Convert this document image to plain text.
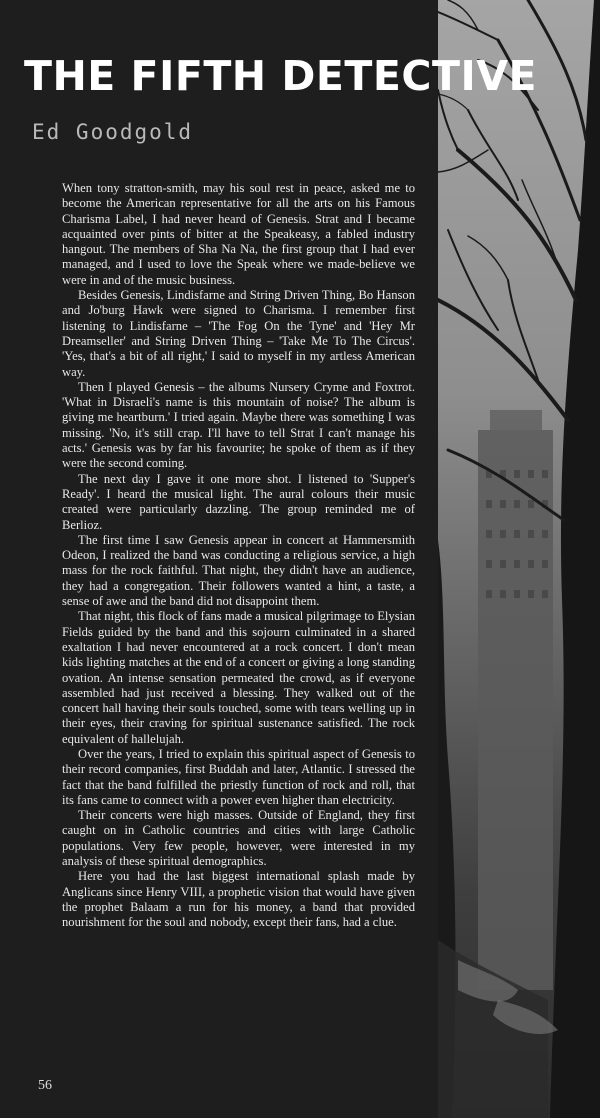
THE FIFTH DETECTIVE
Ed Goodgold

When tony stratton-smith, may his soul rest in peace, asked me to become the American representative for all the arts on his Famous Charisma Label, I had never heard of Genesis. Strat and I became acquainted over pints of bitter at the Speakeasy, a fabled industry hangout. The members of Sha Na Na, the first group that I had ever managed, and I used to love the Speak where we made-believe we were in and of the music business.

Besides Genesis, Lindisfarne and String Driven Thing, Bo Hanson and Jo'burg Hawk were signed to Charisma. I remember first listening to Lindisfarne – 'The Fog On the Tyne' and 'Hey Mr Dreamseller' and String Driven Thing – 'Take Me To The Circus'. 'Yes, that's a bit of all right,' I said to myself in my artless American way.

Then I played Genesis – the albums Nursery Cryme and Foxtrot. 'What in Disraeli's name is this mountain of noise? The album is giving me heartburn.' I tried again. Maybe there was something I was missing. 'No, it's still crap. I'll have to tell Strat I can't manage his acts.' Genesis was by far his favourite; he spoke of them as if they were the second coming.

The next day I gave it one more shot. I listened to 'Supper's Ready'. I heard the musical light. The aural colours their music created were particularly dazzling. The group reminded me of Berlioz.

The first time I saw Genesis appear in concert at Hammersmith Odeon, I realized the band was conducting a religious service, a high mass for the rock faithful. That night, they didn't have an audience, they had a congregation. Their followers wanted a hint, a taste, a sense of awe and the band did not disappoint them.

That night, this flock of fans made a musical pilgrimage to Elysian Fields guided by the band and this sojourn culminated in a shared exaltation I had never encountered at a rock concert. I don't mean kids lighting matches at the end of a concert or giving a long standing ovation. An intense sensation permeated the crowd, as if everyone assembled had just received a blessing. They walked out of the concert hall having their souls touched, some with tears welling up in their eyes, their craving for spiritual sustenance satisfied. The rock equivalent of hallelujah.

Over the years, I tried to explain this spiritual aspect of Genesis to their record companies, first Buddah and later, Atlantic. I stressed the fact that the band fulfilled the priestly function of rock and roll, that its fans came to connect with a power even higher than electricity.

Their concerts were high masses. Outside of England, they first caught on in Catholic countries and cities with large Catholic populations. Very few people, however, were interested in my analysis of these spiritual demographics.

Here you had the last biggest international splash made by Anglicans since Henry VIII, a prophetic vision that would have given the prophet Balaam a run for his money, a band that provided nourishment for the soul and nobody, except their fans, had a clue.

56
